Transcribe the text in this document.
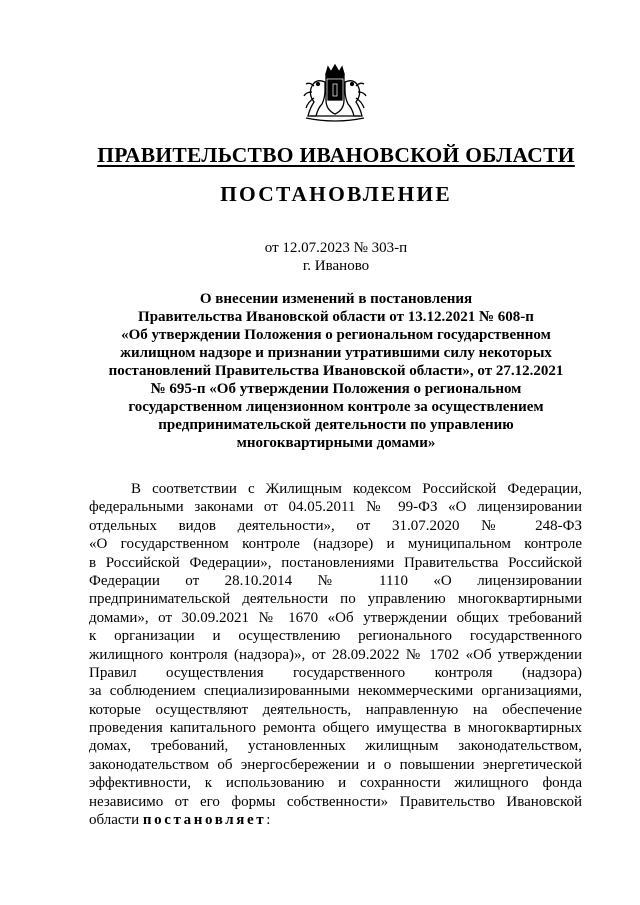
ПРАВИТЕЛЬСТВО ИВАНОВСКОЙ ОБЛАСТИ
ПОСТАНОВЛЕНИЕ
от 12.07.2023 № 303-п
г. Иваново
О внесении изменений в постановления
Правительства Ивановской области от 13.12.2021 № 608-п
«Об утверждении Положения о региональном государственном
жилищном надзоре и признании утратившими силу некоторых
постановлений Правительства Ивановской области», от 27.12.2021
№ 695-п «Об утверждении Положения о региональном
государственном лицензионном контроле за осуществлением
предпринимательской деятельности по управлению
многоквартирными домами»
В соответствии с Жилищным кодексом Российской Федерации,
федеральными законами от 04.05.2011 № 99-ФЗ «О лицензировании
отдельных видов деятельности», от 31.07.2020 № 248-ФЗ
«О государственном контроле (надзоре) и муниципальном контроле
в Российской Федерации», постановлениями Правительства Российской
Федерации от 28.10.2014 № 1110 «О лицензировании
предпринимательской деятельности по управлению многоквартирными
домами», от 30.09.2021 № 1670 «Об утверждении общих требований
к организации и осуществлению регионального государственного
жилищного контроля (надзора)», от 28.09.2022 № 1702 «Об утверждении
Правил осуществления государственного контроля (надзора)
за соблюдением специализированными некоммерческими организациями,
которые осуществляют деятельность, направленную на обеспечение
проведения капитального ремонта общего имущества в многоквартирных
домах, требований, установленных жилищным законодательством,
законодательством об энергосбережении и о повышении энергетической
эффективности, к использованию и сохранности жилищного фонда
независимо от его формы собственности» Правительство Ивановской
области постановляет:
